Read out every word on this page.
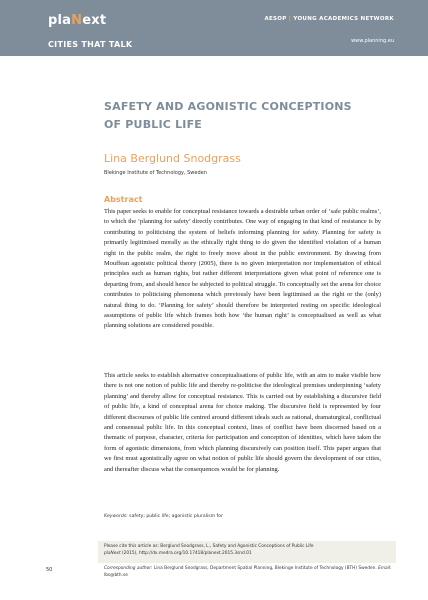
plaNext
CITIES THAT TALK
AESOP | YOUNG ACADEMICS NETWORK
www.planning.eu
SAFETY AND AGONISTIC CONCEPTIONS OF PUBLIC LIFE
Lina Berglund Snodgrass
Blekinge Institute of Technology, Sweden
Abstract

This paper seeks to enable for conceptual resistance towards a desirable urban order of ‘safe public realms’, to which the ‘planning for safety’ directly contributes. One way of engaging in that kind of resistance is by contributing to politicising the system of beliefs informing planning for safety. Planning for safety is primarily legitimised morally as the ethically right thing to do given the identified violation of a human right in the public realm, the right to freely move about in the public environment. By drawing from Mouffean agonistic political theory (2005), there is no given interpretation nor implementation of ethical principles such as human rights, but rather different interpretations given what point of reference one is departing from, and should hence be subjected to political struggle. To conceptually set the arena for choice contributes to politicising phenomena which previously have been legitimised as the right or the (only) natural thing to do. ‘Planning for safety’ should therefore be interpreted resting on specific ideological assumptions of public life which frames both how ‘the human right’ is conceptualised as well as what planning solutions are considered possible.

This article seeks to establish alternative conceptualisations of public life, with an aim to make visible how there is not one notion of public life and thereby re-politicise the ideological premises underpinning ‘safety planning’ and thereby allow for conceptual resistance. This is carried out by establishing a discursive field of public life, a kind of conceptual arena for choice making. The discursive field is represented by four different discourses of public life centred around different ideals such as rational, dramaturgical, conflictual and consensual public life. In this conceptual context, lines of conflict have been discerned based on a thematic of purpose, character, criteria for participation and conception of identities, which have taken the form of agonistic dimensions, from which planning discursively can position itself. This paper argues that we first must agonistically agree on what notion of public life should govern the development of our cities, and thereafter discuss what the consequences would be for planning.

Keywords: safety; public life; agonistic pluralism for

Please cite this article as: Berglund Snodgrass, L., Safety and Agonistic Conceptions of Public Life
plaNext (2015), http://dx.medra.org/10.17418/planext.2015.3snd.01

50	Corresponding author: Lina Berglund Snodgrass, Department Spatial Planning, Blekinge Institute of Technology (BTH) Sweden. Email: lbs@bth.se
